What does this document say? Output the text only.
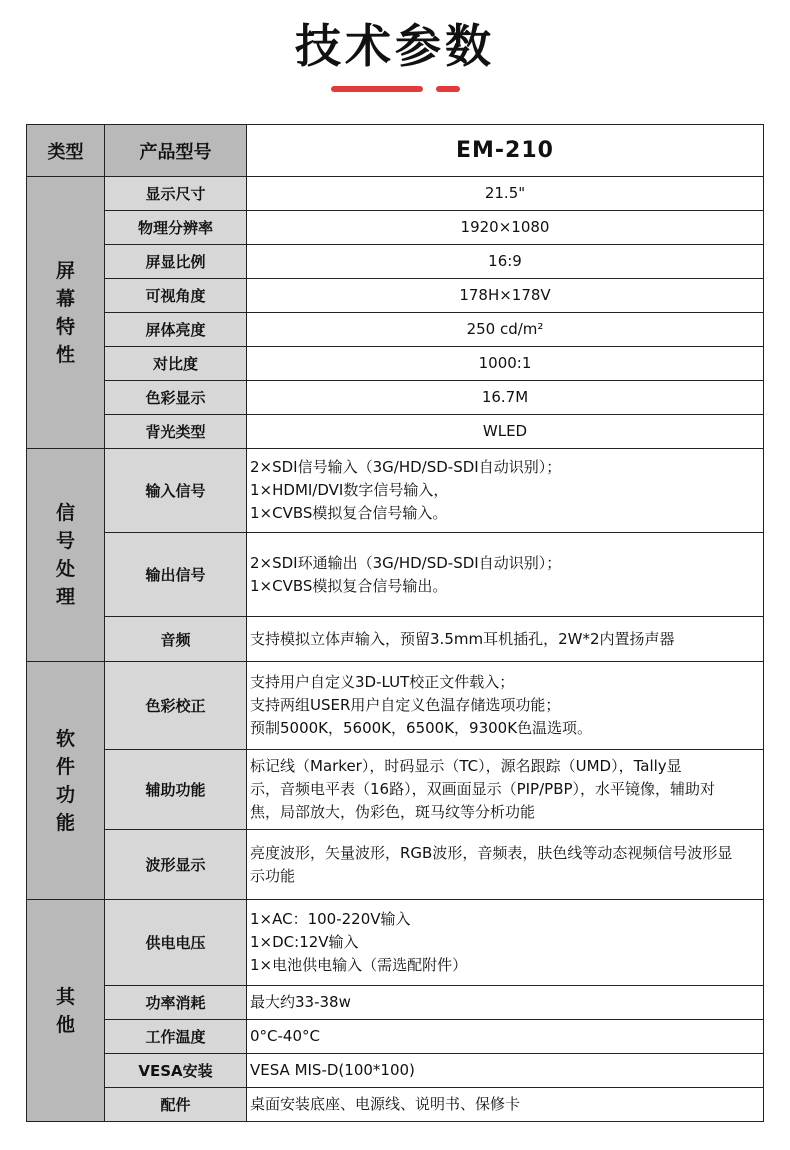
技术参数
类型	产品型号	EM-210
屏幕特性	显示尺寸	21.5"
	物理分辨率	1920×1080
	屏显比例	16:9
	可视角度	178H×178V
	屏体亮度	250 cd/m²
	对比度	1000:1
	色彩显示	16.7M
	背光类型	WLED
信号处理	输入信号	2×SDI信号输入（3G/HD/SD-SDI自动识别）；
1×HDMI/DVI数字信号输入，
1×CVBS模拟复合信号输入。

	输出信号	2×SDI环通输出（3G/HD/SD-SDI自动识别）；
1×CVBS模拟复合信号输出。

	音频	支持模拟立体声输入，预留3.5mm耳机插孔，2W*2内置扬声器
软件功能	色彩校正	支持用户自定义3D-LUT校正文件载入；
支持两组USER用户自定义色温存储选项功能；
预制5000K，5600K，6500K，9300K色温选项。

	辅助功能	标记线（Marker），时码显示（TC），源名跟踪（UMD），Tally显
示，音频电平表（16路），双画面显示（PIP/PBP），水平镜像，辅助对
焦，局部放大，伪彩色，斑马纹等分析功能

	波形显示	亮度波形，矢量波形，RGB波形，音频表，肤色线等动态视频信号波形显
示功能

其他	供电电压	1×AC：100-220V输入
1×DC:12V输入
1×电池供电输入（需选配附件）

	功率消耗	最大约33-38w
	工作温度	0°C-40°C
	VESA安装	VESA MIS-D(100*100)
	配件	桌面安装底座、电源线、说明书、保修卡
